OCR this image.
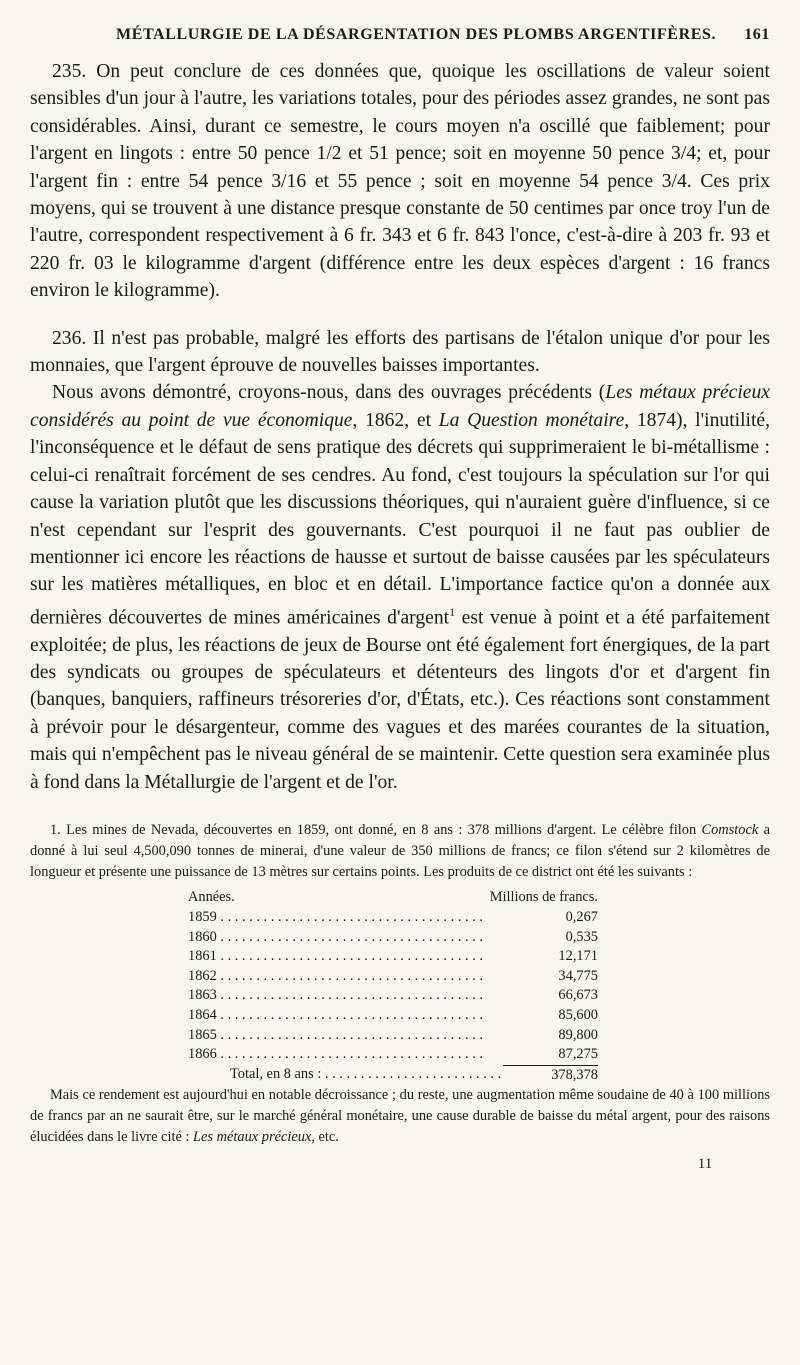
MÉTALLURGIE DE LA DÉSARGENTATION DES PLOMBS ARGENTIFÈRES. 161

235. On peut conclure de ces données que, quoique les oscillations de valeur soient sensibles d'un jour à l'autre, les variations totales, pour des périodes assez grandes, ne sont pas considérables. Ainsi, durant ce semestre, le cours moyen n'a oscillé que faiblement; pour l'argent en lingots : entre 50 pence 1/2 et 51 pence; soit en moyenne 50 pence 3/4; et, pour l'argent fin : entre 54 pence 3/16 et 55 pence ; soit en moyenne 54 pence 3/4. Ces prix moyens, qui se trouvent à une distance presque constante de 50 centimes par once troy l'un de l'autre, correspondent respectivement à 6 fr. 343 et 6 fr. 843 l'once, c'est-à-dire à 203 fr. 93 et 220 fr. 03 le kilogramme d'argent (différence entre les deux espèces d'argent : 16 francs environ le kilogramme).

236. Il n'est pas probable, malgré les efforts des partisans de l'étalon unique d'or pour les monnaies, que l'argent éprouve de nouvelles baisses importantes.

Nous avons démontré, croyons-nous, dans des ouvrages précédents (Les métaux précieux considérés au point de vue économique, 1862, et La Question monétaire, 1874), l'inutilité, l'inconséquence et le défaut de sens pratique des décrets qui supprimeraient le bi-métallisme : celui-ci renaîtrait forcément de ses cendres. Au fond, c'est toujours la spéculation sur l'or qui cause la variation plutôt que les discussions théoriques, qui n'auraient guère d'influence, si ce n'est cependant sur l'esprit des gouvernants. C'est pourquoi il ne faut pas oublier de mentionner ici encore les réactions de hausse et surtout de baisse causées par les spéculateurs sur les matières métalliques, en bloc et en détail. L'importance factice qu'on a donnée aux dernières découvertes de mines américaines d'argent$^1$ est venue à point et a été parfaitement exploitée; de plus, les réactions de jeux de Bourse ont été également fort énergiques, de la part des syndicats ou groupes de spéculateurs et détenteurs des lingots d'or et d'argent fin (banques, banquiers, raffineurs trésoreries d'or, d'États, etc.). Ces réactions sont constamment à prévoir pour le désargenteur, comme des vagues et des marées courantes de la situation, mais qui n'empêchent pas le niveau général de se maintenir. Cette question sera examinée plus à fond dans la Métallurgie de l'argent et de l'or.

1. Les mines de Nevada, découvertes en 1859, ont donné, en 8 ans : 378 millions d'argent. Le célèbre filon Comstock a donné à lui seul 4,500,090 tonnes de minerai, d'une valeur de 350 millions de francs; ce filon s'étend sur 2 kilomètres de longueur et présente une puissance de 13 mètres sur certains points. Les produits de ce district ont été les suivants :

Années.	Millions de francs.
1859 . . .	0,267
1860 . . .	0,535
1861 . . .	12,171
1862 . . .	34,775
1863 . . .	66,673
1864 . . .	85,600
1865 . . .	89,800
1866 . . .	87,275
Total, en 8 ans : . . .	378,378

Mais ce rendement est aujourd'hui en notable décroissance ; du reste, une augmentation même soudaine de 40 à 100 millions de francs par an ne saurait être, sur le marché général monétaire, une cause durable de baisse du métal argent, pour des raisons élucidées dans le livre cité : Les métaux précieux, etc.

11
